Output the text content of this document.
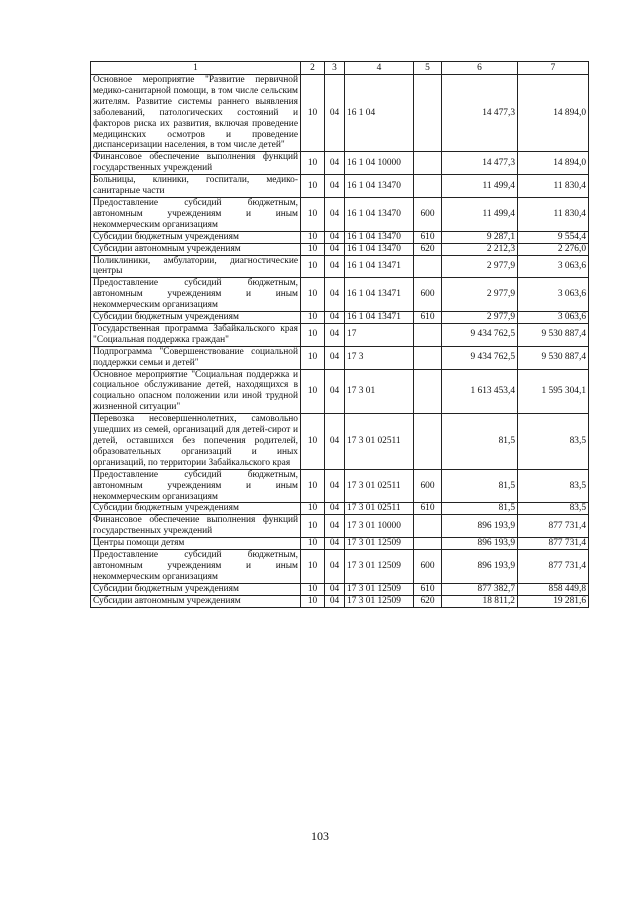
1	2	3	4	5	6	7
Основное мероприятие "Развитие первичной медико-санитарной помощи, в том числе сельским жителям. Развитие системы раннего выявления заболеваний, патологических состояний и факторов риска их развития, включая проведение медицинских осмотров и проведение диспансеризации населения, в том числе детей"	10	04	16 1 04		14 477,3	14 894,0
Финансовое обеспечение выполнения функций государственных учреждений	10	04	16 1 04 10000		14 477,3	14 894,0
Больницы, клиники, госпитали, медико-санитарные части	10	04	16 1 04 13470		11 499,4	11 830,4
Предоставление субсидий бюджетным, автономным учреждениям и иным некоммерческим организациям	10	04	16 1 04 13470	600	11 499,4	11 830,4
Субсидии бюджетным учреждениям	10	04	16 1 04 13470	610	9 287,1	9 554,4
Субсидии автономным учреждениям	10	04	16 1 04 13470	620	2 212,3	2 276,0
Поликлиники, амбулатории, диагностические центры	10	04	16 1 04 13471		2 977,9	3 063,6
Предоставление субсидий бюджетным, автономным учреждениям и иным некоммерческим организациям	10	04	16 1 04 13471	600	2 977,9	3 063,6
Субсидии бюджетным учреждениям	10	04	16 1 04 13471	610	2 977,9	3 063,6
Государственная программа Забайкальского края "Социальная поддержка граждан"	10	04	17		9 434 762,5	9 530 887,4
Подпрограмма "Совершенствование социальной поддержки семьи и детей"	10	04	17 3		9 434 762,5	9 530 887,4
Основное мероприятие "Социальная поддержка и социальное обслуживание детей, находящихся в социально опасном положении или иной трудной жизненной ситуации"	10	04	17 3 01		1 613 453,4	1 595 304,1
Перевозка несовершеннолетних, самовольно ушедших из семей, организаций для детей-сирот и детей, оставшихся без попечения родителей, образовательных организаций и иных организаций, по территории Забайкальского края	10	04	17 3 01 02511		81,5	83,5
Предоставление субсидий бюджетным, автономным учреждениям и иным некоммерческим организациям	10	04	17 3 01 02511	600	81,5	83,5
Субсидии бюджетным учреждениям	10	04	17 3 01 02511	610	81,5	83,5
Финансовое обеспечение выполнения функций государственных учреждений	10	04	17 3 01 10000		896 193,9	877 731,4
Центры помощи детям	10	04	17 3 01 12509		896 193,9	877 731,4
Предоставление субсидий бюджетным, автономным учреждениям и иным некоммерческим организациям	10	04	17 3 01 12509	600	896 193,9	877 731,4
Субсидии бюджетным учреждениям	10	04	17 3 01 12509	610	877 382,7	858 449,8
Субсидии автономным учреждениям	10	04	17 3 01 12509	620	18 811,2	19 281,6
103
